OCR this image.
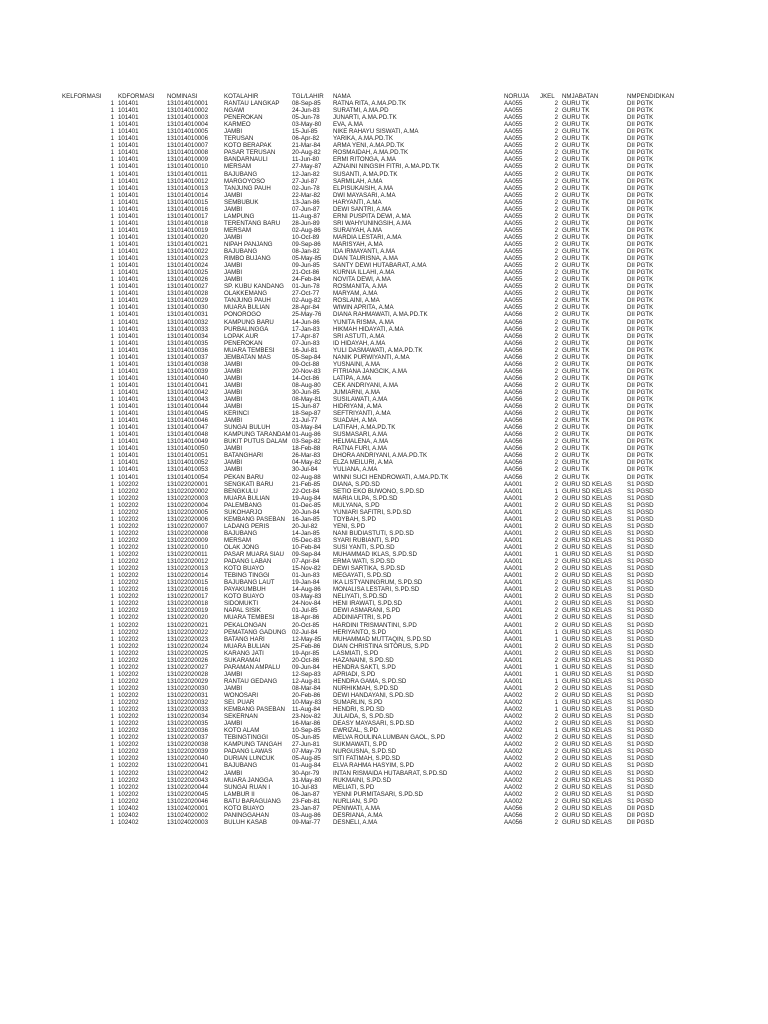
KELFORMASI	KDFORMASI	NOMINASI	KOTALAHIR	TGL/LAHIR	NAMA	NORUJA	JKEL	NMJABATAN	NMPENDIDIKAN
1 101401	131014010001	RANTAU LANGKAP	08-Sep-85	RATNA RITA, A.MA.PD.TK	AA055	2 GURU TK	DII PGTK
1 101401	131014010002	NGAWI	24-Jun-83	SURATMI, A.MA.PD	AA055	2 GURU TK	DII PGTK
1 101401	131014010003	PENEROKAN	05-Jun-78	JUNARTI, A.MA.PD.TK	AA055	2 GURU TK	DII PGTK
1 101401	131014010004	KARMEO	03-May-80	EVA, A.MA	AA055	2 GURU TK	DII PGTK
1 101401	131014010005	JAMBI	15-Jul-85	NIKE RAHAYU SISWATI, A.MA	AA055	2 GURU TK	DII PGTK
1 101401	131014010006	TERUSAN	06-Apr-82	YARIKA, A.MA.PD.TK	AA055	2 GURU TK	DII PGTK
1 101401	131014010007	KOTO BERAPAK	21-Mar-84	ARMA YENI, A.MA.PD.TK	AA055	2 GURU TK	DII PGTK
1 101401	131014010008	PASAR TERUSAN	20-Aug-82	ROSMAIDAH, A.MA.PD.TK	AA055	2 GURU TK	DII PGTK
1 101401	131014010009	BANDARNAULI	11-Jun-80	ERMI RITONGA, A.MA	AA055	2 GURU TK	DII PGTK
1 101401	131014010010	MERSAM	27-May-87	AZNAINI NINGSIH FITRI, A.MA.PD.TK	AA055	2 GURU TK	DII PGTK
1 101401	131014010011	BAJUBANG	12-Jan-82	SUSANTI, A.MA.PD.TK	AA055	2 GURU TK	DII PGTK
1 101401	131014010012	MARGOYOSO	27-Jul-87	SARMILAH, A.MA	AA055	2 GURU TK	DII PGTK
1 101401	131014010013	TANJUNG PAUH	02-Jun-78	ELPISUKAISIH, A.MA	AA055	2 GURU TK	DII PGTK
1 101401	131014010014	JAMBI	22-Mar-82	DWI MAYASARI, A.MA	AA055	2 GURU TK	DII PGTK
1 101401	131014010015	SEMBUBUK	13-Jan-86	HARYANTI, A.MA	AA055	2 GURU TK	DII PGTK
1 101401	131014010016	JAMBI	07-Jun-87	DEWI SANTRI, A.MA	AA055	2 GURU TK	DII PGTK
1 101401	131014010017	LAMPUNG	11-Aug-87	ERNI PUSPITA DEWI, A.MA	AA055	2 GURU TK	DII PGTK
1 101401	131014010018	TERENTANG BARU	28-Jun-89	SRI WAHYUNINGSIH, A.MA	AA055	2 GURU TK	DII PGTK
1 101401	131014010019	MERSAM	02-Aug-86	SURAIYAH, A.MA	AA055	2 GURU TK	DII PGTK
1 101401	131014010020	JAMBI	10-Oct-89	MARDIA LESTARI, A.MA	AA055	2 GURU TK	DII PGTK
1 101401	131014010021	NIPAH PANJANG	09-Sep-86	MARISYAH, A.MA	AA055	2 GURU TK	DII PGTK
1 101401	131014010022	BAJUBANG	08-Jan-82	IDA IRMAYANTI, A.MA	AA055	2 GURU TK	DII PGTK
1 101401	131014010023	RIMBO BUJANG	05-May-85	DIAN TAURISNA, A.MA	AA055	2 GURU TK	DII PGTK
1 101401	131014010024	JAMBI	09-Jun-85	SANTY DEWI HUTABARAT, A.MA	AA055	2 GURU TK	DII PGTK
1 101401	131014010025	JAMBI	21-Oct-86	KURNIA ILLAHI, A.MA	AA055	2 GURU TK	DII PGTK
1 101401	131014010026	JAMBI	24-Feb-84	NOVITA DEWI, A.MA	AA055	2 GURU TK	DII PGTK
1 101401	131014010027	SP. KUBU KANDANG	01-Jun-78	ROSMANITA, A.MA	AA055	2 GURU TK	DII PGTK
1 101401	131014010028	OLAKKEMANG	27-Oct-77	MARYAM, A.MA	AA055	2 GURU TK	DII PGTK
1 101401	131014010029	TANJUNG PAUH	02-Aug-82	ROSLAINI, A.MA	AA055	2 GURU TK	DII PGTK
1 101401	131014010030	MUARA BULIAN	28-Apr-84	WIWIN APRITA, A.MA	AA055	2 GURU TK	DII PGTK
1 101401	131014010031	PONOROGO	25-May-76	DIANA RAHMAWATI, A.MA.PD.TK	AA056	2 GURU TK	DII PGTK
1 101401	131014010032	KAMPUNG BARU	14-Jun-86	YUNITA RISMA, A.MA	AA056	2 GURU TK	DII PGTK
1 101401	131014010033	PURBALINGGA	17-Jan-83	HIKMAH HIDAYATI, A.MA	AA056	2 GURU TK	DII PGTK
1 101401	131014010034	LOPAK AUR	17-Apr-87	SRI ASTUTI, A.MA	AA056	2 GURU TK	DII PGTK
1 101401	131014010035	PENEROKAN	07-Jun-83	ID HIDAYAH, A.MA	AA056	2 GURU TK	DII PGTK
1 101401	131014010036	MUARA TEMBESI	16-Jul-81	YULI DASMAWATI, A.MA.PD.TK	AA056	2 GURU TK	DII PGTK
1 101401	131014010037	JEMBATAN MAS	05-Sep-84	NANIK PURWIYANTI, A.MA	AA056	2 GURU TK	DII PGTK
1 101401	131014010038	JAMBI	09-Oct-88	YUSNAINI, A.MA	AA056	2 GURU TK	DII PGTK
1 101401	131014010039	JAMBI	20-Nov-83	FITRIANA JANGCIK, A.MA	AA056	2 GURU TK	DII PGTK
1 101401	131014010040	JAMBI	14-Oct-86	LATIPA, A.MA	AA056	2 GURU TK	DII PGTK
1 101401	131014010041	JAMBI	08-Aug-80	CEK ANDRIYANI, A.MA	AA056	2 GURU TK	DII PGTK
1 101401	131014010042	JAMBI	30-Jun-85	JUMIARNI, A.MA	AA056	2 GURU TK	DII PGTK
1 101401	131014010043	JAMBI	08-May-81	SUSILAWATI, A.MA	AA056	2 GURU TK	DII PGTK
1 101401	131014010044	JAMBI	15-Jun-87	HIDRIYANI, A.MA	AA056	2 GURU TK	DII PGTK
1 101401	131014010045	KERINCI	18-Sep-87	SEFTRIYANTI, A.MA	AA056	2 GURU TK	DII PGTK
1 101401	131014010046	JAMBI	21-Jul-77	SUADAH, A.MA	AA056	2 GURU TK	DII PGTK
1 101401	131014010047	SUNGAI BULUH	03-May-84	LATIFAH, A.MA.PD.TK	AA056	2 GURU TK	DII PGTK
1 101401	131014010048	KAMPUNG TARANDAM 01-Aug-86	SUSMASARI, A.MA	AA056	2 GURU TK	DII PGTK
1 101401	131014010049	BUKIT PUTUS DALAM 03-Sep-82	HELMALENA, A.MA	AA056	2 GURU TK	DII PGTK
1 101401	131014010050	JAMBI	18-Feb-88	RATNA FURI, A.MA	AA056	2 GURU TK	DII PGTK
1 101401	131014010051	BATANGHARI	26-Mar-83	DHORA ANDRIYANI, A.MA.PD.TK	AA056	2 GURU TK	DII PGTK
1 101401	131014010052	JAMBI	04-May-82	ELZA MEILURI, A.MA	AA056	2 GURU TK	DII PGTK
1 101401	131014010053	JAMBI	30-Jul-84	YULIANA, A.MA	AA056	2 GURU TK	DII PGTK
1 101401	131014010054	PEKAN BARU	02-Aug-88	WINNI SUCI HENDROWATI, A.MA.PD.TK	AA056	2 GURU TK	DII PGTK
1 102202	131022020001	SENGKATI BARU	21-Feb-85	DIANA, S.PD.SD	AA001	2 GURU SD KELAS	S1 PGSD
1 102202	131022020002	BENGKULU	22-Oct-84	SETIO EKO BUWONO, S.PD.SD	AA001	1 GURU SD KELAS	S1 PGSD
1 102202	131022020003	MUARA BULIAN	19-Aug-84	MARIA ULPA, S.PD.SD	AA001	2 GURU SD KELAS	S1 PGSD
1 102202	131022020004	PALEMBANG	01-Dec-85	MULYANA, S.PD	AA001	2 GURU SD KELAS	S1 PGSD
1 102202	131022020005	SUKOHARJO	20-Jun-84	YUNIARI SAFITRI, S.PD.SD	AA001	2 GURU SD KELAS	S1 PGSD
1 102202	131022020006	KEMBANG PASEBAN	16-Jan-85	TOYBAH, S.PD	AA001	2 GURU SD KELAS	S1 PGSD
1 102202	131022020007	LADANG PERIS	20-Jul-82	YENI, S.PD	AA001	2 GURU SD KELAS	S1 PGSD
1 102202	131022020008	BAJUBANG	14-Jan-85	NANI BUDIASTUTI, S.PD.SD	AA001	2 GURU SD KELAS	S1 PGSD
1 102202	131022020009	MERSAM	05-Dec-83	SYARI RUBIANTI, S.PD	AA001	2 GURU SD KELAS	S1 PGSD
1 102202	131022020010	OLAK JONG	10-Feb-84	SUSI YANTI, S.PD.SD	AA001	2 GURU SD KELAS	S1 PGSD
1 102202	131022020011	PASAR MUARA SIAU	09-Sep-84	MUHAMMAD IKLAS, S.PD.SD	AA001	1 GURU SD KELAS	S1 PGSD
1 102202	131022020012	PADANG LABAN	07-Apr-84	ERMA WATI, S.PD.SD	AA001	2 GURU SD KELAS	S1 PGSD
1 102202	131022020013	KOTO BUAYO	15-Nov-82	DEWI SARTIKA, S.PD.SD	AA001	2 GURU SD KELAS	S1 PGSD
1 102202	131022020014	TEBING TINGGI	01-Jun-83	MEGAYATI, S.PD.SD	AA001	2 GURU SD KELAS	S1 PGSD
1 102202	131022020015	BAJUBANG LAUT	19-Jan-84	IKA LISTYANINGRUM, S.PD.SD	AA001	2 GURU SD KELAS	S1 PGSD
1 102202	131022020016	PAYAKUMBUH	14-Aug-86	MONALISA LESTARI, S.PD.SD	AA001	2 GURU SD KELAS	S1 PGSD
1 102202	131022020017	KOTO BUAYO	03-May-83	NELIYATI, S.PD.SD	AA001	2 GURU SD KELAS	S1 PGSD
1 102202	131022020018	SIDOMUKTI	24-Nov-84	HENI IRAWATI, S.PD.SD	AA001	2 GURU SD KELAS	S1 PGSD
1 102202	131022020019	NAPAL SISIK	01-Jul-85	DEWI ASMARANI, S.PD	AA001	2 GURU SD KELAS	S1 PGSD
1 102202	131022020020	MUARA TEMBESI	18-Apr-86	ADDINIAFITRI, S.PD	AA001	2 GURU SD KELAS	S1 PGSD
1 102202	131022020021	PEKALONGAN	20-Oct-85	HARDINI TRISMANTINI, S.PD	AA001	2 GURU SD KELAS	S1 PGSD
1 102202	131022020022	PEMATANG GADUNG 02-Jul-84	HERIYANTO, S.PD	AA001	1 GURU SD KELAS	S1 PGSD
1 102202	131022020023	BATANG HARI	12-May-85	MUHAMMAD MUTTAQIN, S.PD.SD	AA001	1 GURU SD KELAS	S1 PGSD
1 102202	131022020024	MUARA BULIAN	25-Feb-86	DIAN CHRISTINA SITORUS, S.PD	AA001	2 GURU SD KELAS	S1 PGSD
1 102202	131022020025	KARANG JATI	19-Apr-85	LASMIATI, S.PD	AA001	2 GURU SD KELAS	S1 PGSD
1 102202	131022020026	SUKARAMAI	20-Oct-86	HAZANAINI, S.PD.SD	AA001	2 GURU SD KELAS	S1 PGSD
1 102202	131022020027	PARAMAN AMPALU	09-Jun-84	HENDRA SAKTI, S.PD	AA001	1 GURU SD KELAS	S1 PGSD
1 102202	131022020028	JAMBI	12-Sep-83	APRIADI, S.PD	AA001	1 GURU SD KELAS	S1 PGSD
1 102202	131022020029	RANTAU GEDANG	12-Aug-81	HENDRA GAMA, S.PD.SD	AA001	1 GURU SD KELAS	S1 PGSD
1 102202	131022020030	JAMBI	08-Mar-84	NURHIKMAH, S.PD.SD	AA001	2 GURU SD KELAS	S1 PGSD
1 102202	131022020031	WONOSARI	20-Feb-86	DEWI HANDAYANI, S.PD.SD	AA002	2 GURU SD KELAS	S1 PGSD
1 102202	131022020032	SEI. PUAR	10-May-83	SUMARLIN, S.PD	AA002	1 GURU SD KELAS	S1 PGSD
1 102202	131022020033	KEMBANG PASEBAN	11-Aug-84	HENDRI, S.PD.SD	AA002	1 GURU SD KELAS	S1 PGSD
1 102202	131022020034	SEKERNAN	23-Nov-82	JULAIDA, S, S.PD.SD	AA002	2 GURU SD KELAS	S1 PGSD
1 102202	131022020035	JAMBI	16-Mar-86	DEASY MAYASARI, S.PD.SD	AA002	2 GURU SD KELAS	S1 PGSD
1 102202	131022020036	KOTO ALAM	10-Sep-85	EWRIZAL, S.PD	AA002	1 GURU SD KELAS	S1 PGSD
1 102202	131022020037	TEBINGTINGGI	05-Jun-85	MELVA ROULINA LUMBAN GAOL, S.PD	AA002	2 GURU SD KELAS	S1 PGSD
1 102202	131022020038	KAMPUNG TANGAH	27-Jun-81	SUKMAWATI, S.PD	AA002	2 GURU SD KELAS	S1 PGSD
1 102202	131022020039	PADANG LAWAS	07-May-79	NURGUSNA, S.PD.SD	AA002	2 GURU SD KELAS	S1 PGSD
1 102202	131022020040	DURIAN LUNCUK	05-Aug-85	SITI FATIMAH, S.PD.SD	AA002	2 GURU SD KELAS	S1 PGSD
1 102202	131022020041	BAJUBANG	01-Aug-84	ELVA RAHMA HASYIM, S.PD	AA002	2 GURU SD KELAS	S1 PGSD
1 102202	131022020042	JAMBI	30-Apr-79	INTAN RISMAIDA HUTABARAT, S.PD.SD	AA002	2 GURU SD KELAS	S1 PGSD
1 102202	131022020043	MUARA JANGGA	31-May-80	RUKMAINI, S.PD.SD	AA002	2 GURU SD KELAS	S1 PGSD
1 102202	131022020044	SUNGAI RUAN I	10-Jul-83	MELIATI, S.PD	AA002	2 GURU SD KELAS	S1 PGSD
1 102202	131022020045	LAMBUR II	06-Jan-87	YENNI PURMITASARI, S.PD.SD	AA002	2 GURU SD KELAS	S1 PGSD
1 102202	131022020046	BATU BARAGUANG	23-Feb-81	NURLIAN, S.PD	AA002	2 GURU SD KELAS	S1 PGSD
1 102402	131024020001	KOTO BUAYO	23-Jan-87	PENIWATI, A.MA	AA056	2 GURU SD KELAS	DII PGSD
1 102402	131024020002	PANINGGAHAN	03-Aug-86	DESRIANA, A.MA	AA056	2 GURU SD KELAS	DII PGSD
1 102402	131024020003	BULUH KASAB	09-Mar-77	DESNELI, A.MA	AA056	2 GURU SD KELAS	DII PGSD
